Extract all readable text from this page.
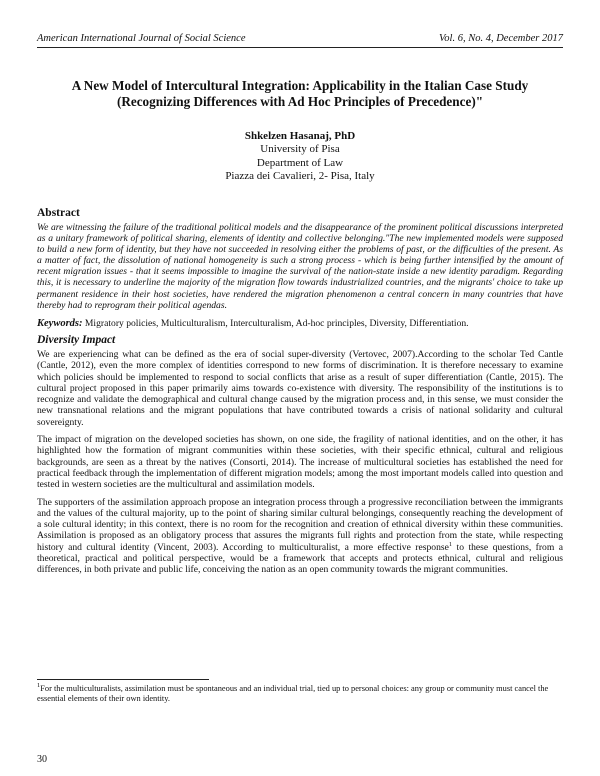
American International Journal of Social Science	Vol. 6, No. 4, December 2017
A New Model of Intercultural Integration: Applicability in the Italian Case Study
(Recognizing Differences with Ad Hoc Principles of Precedence)"
Shkelzen Hasanaj, PhD
University of Pisa
Department of Law
Piazza dei Cavalieri, 2- Pisa, Italy
Abstract

We are witnessing the failure of the traditional political models and the disappearance of the prominent political discussions interpreted as a unitary framework of political sharing, elements of identity and collective belonging."The new implemented models were supposed to build a new form of identity, but they have not succeeded in resolving either the problems of past, or the difficulties of the present. As a matter of fact, the dissolution of national homogeneity is such a strong process - which is being further intensified by the amount of recent migration issues - that it seems impossible to imagine the survival of the nation-state inside a new identity paradigm. Regarding this, it is necessary to underline the majority of the migration flow towards industrialized countries, and the migrants' choice to take up permanent residence in their host societies, have rendered the migration phenomenon a central concern in many countries that have thereby had to reprogram their political agendas.

Keywords: Migratory policies, Multiculturalism, Interculturalism, Ad-hoc principles, Diversity, Differentiation.
Diversity Impact

We are experiencing what can be defined as the era of social super-diversity (Vertovec, 2007).According to the scholar Ted Cantle (Cantle, 2012), even the more complex of identities correspond to new forms of discrimination. It is therefore necessary to examine which policies should be implemented to respond to social conflicts that arise as a result of super differentiation (Cantle, 2015). The cultural project proposed in this paper primarily aims towards co-existence with diversity. The responsibility of the institutions is to recognize and validate the demographical and cultural change caused by the migration process and, in this sense, we must consider the new transnational relations and the migrant populations that have contributed towards a crisis of national solidarity and cultural sovereignty.

The impact of migration on the developed societies has shown, on one side, the fragility of national identities, and on the other, it has highlighted how the formation of migrant communities within these societies, with their specific ethnical, cultural and religious backgrounds, are seen as a threat by the natives (Consorti, 2014). The increase of multicultural societies has established the need for practical feedback through the implementation of different migration models; among the most important models called into question and tested in western societies are the multicultural and assimilation models.

The supporters of the assimilation approach propose an integration process through a progressive reconciliation between the immigrants and the values of the cultural majority, up to the point of sharing similar cultural belongings, consequently reaching the development of a sole cultural identity; in this context, there is no room for the recognition and creation of ethnical diversity within these communities. Assimilation is proposed as an obligatory process that assures the migrants full rights and protection from the state, while respecting history and cultural identity (Vincent, 2003). According to multiculturalist, a more effective response$^1$ to these questions, from a theoretical, practical and political perspective, would be a framework that accepts and protects ethnical, cultural and religious differences, in both private and public life, conceiving the nation as an open community towards the migrant communities.

$^1$For the multiculturalists, assimilation must be spontaneous and an individual trial, tied up to personal choices: any group or community must cancel the essential elements of their own identity.
30
